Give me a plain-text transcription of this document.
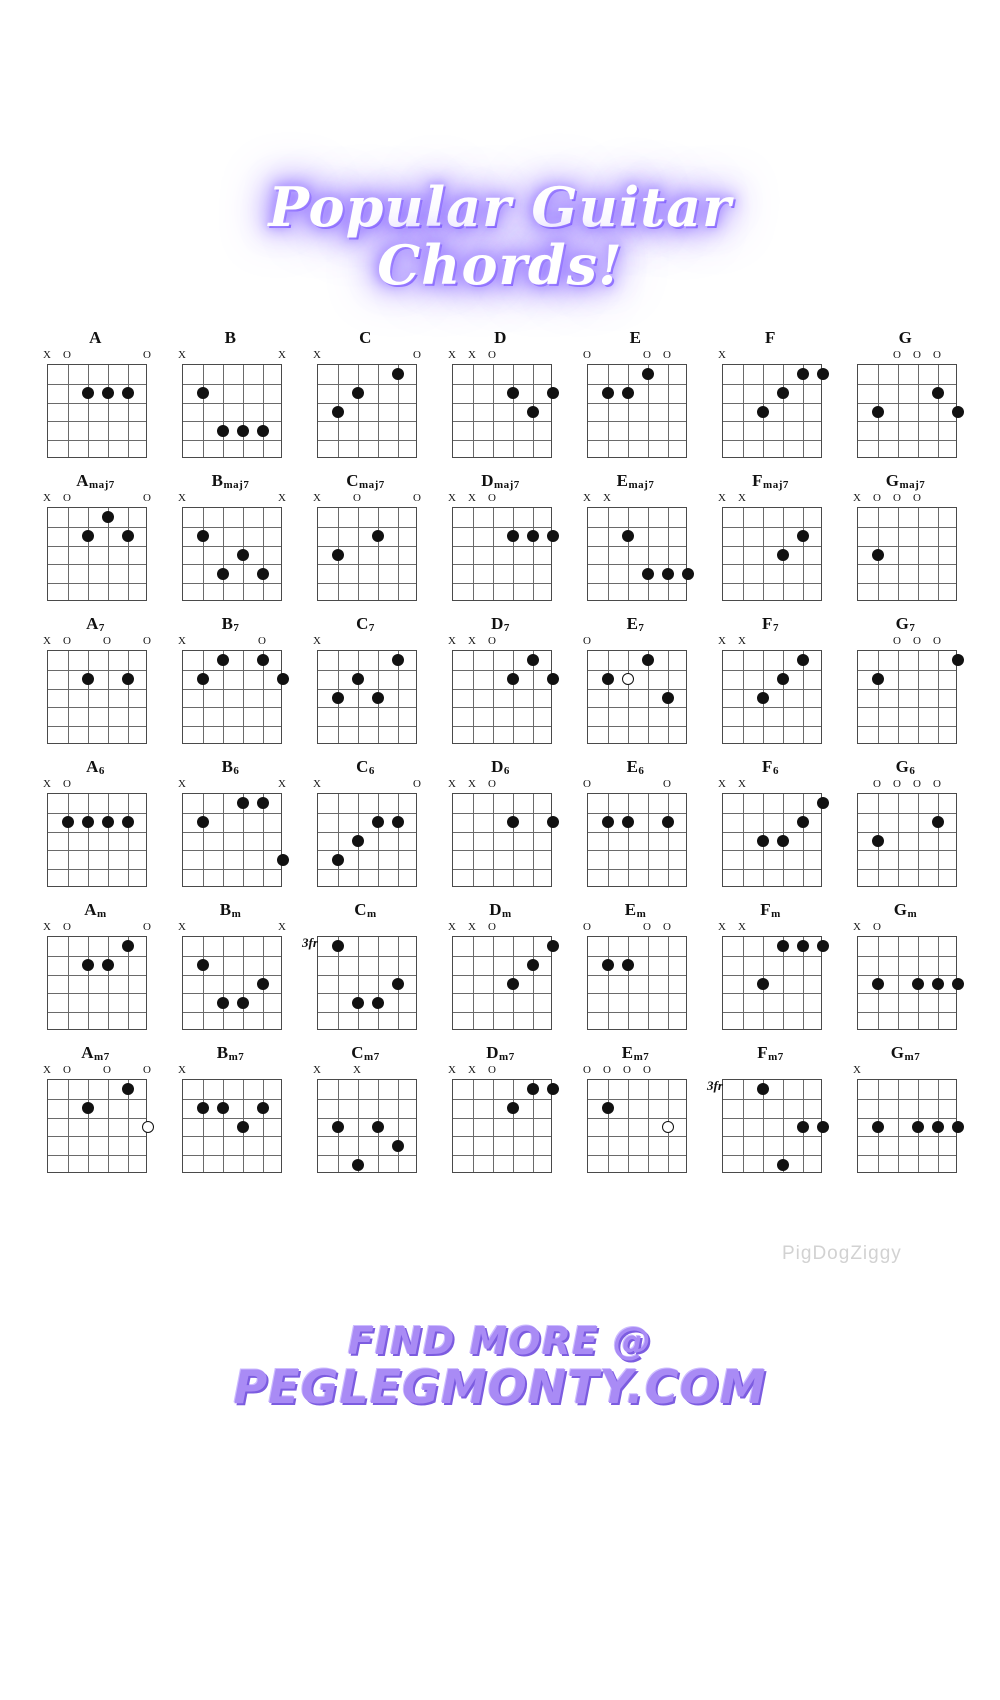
Popular Guitar
Chords!
A
X O	O
B
X	X
C
X	O
D
X X O
E
O	O O
F
X
G
O O O
$A_{maj7}$
X O	O
$B_{maj7}$
X	X
$C_{maj7}$
X	O	O
$D_{maj7}$
X X O
$E_{maj7}$
X X
$F_{maj7}$
X X
$G_{maj7}$
X O O O
$A_7$
X O	O	O
$B_7$
X	O
$C_7$
X
$D_7$
X X O
$E_7$
O
$F_7$
X X
$G_7$
O O O
$A_6$
X O
$B_6$
X	X
$C_6$
X	O
$D_6$
X X O
$E_6$
O	O
$F_6$
X X
$G_6$
O O O O
$A_m$
X O	O
$B_m$
X	X
$C_m$
3fr
$D_m$
X X O
$E_m$
O	O O
$F_m$
X X
$G_m$
X O
$A_{m7}$
X O	O	O
$B_{m7}$
X
$C_{m7}$
X	X
$D_{m7}$
X X O
$E_{m7}$
O O O O
$F_{m7}$
3fr
$G_{m7}$
X
PigDogZiggy
FIND MORE @
PEGLEGMONTY.COM
